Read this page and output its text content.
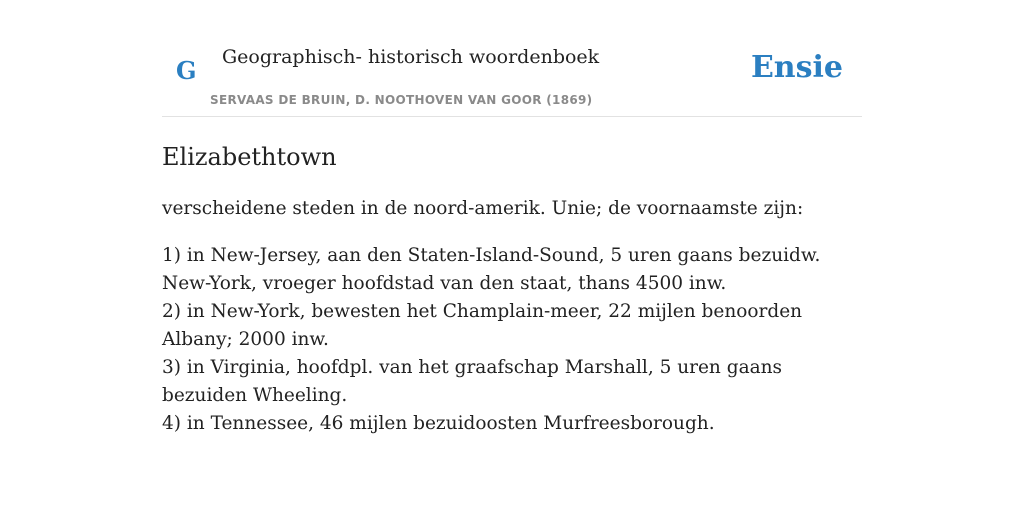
G Geographisch- historisch woordenboek
SERVAAS DE BRUIN, D. NOOTHOVEN VAN GOOR (1869)
Ensie
Elizabethtown

verscheidene steden in de noord-amerik. Unie; de voornaamste zijn:

1) in New-Jersey, aan den Staten-Island-Sound, 5 uren gaans bezuidw. New-York, vroeger hoofdstad van den staat, thans 4500 inw.
2) in New-York, bewesten het Champlain-meer, 22 mijlen benoorden Albany; 2000 inw.
3) in Virginia, hoofdpl. van het graafschap Marshall, 5 uren gaans bezuiden Wheeling.
4) in Tennessee, 46 mijlen bezuidoosten Murfreesborough.
